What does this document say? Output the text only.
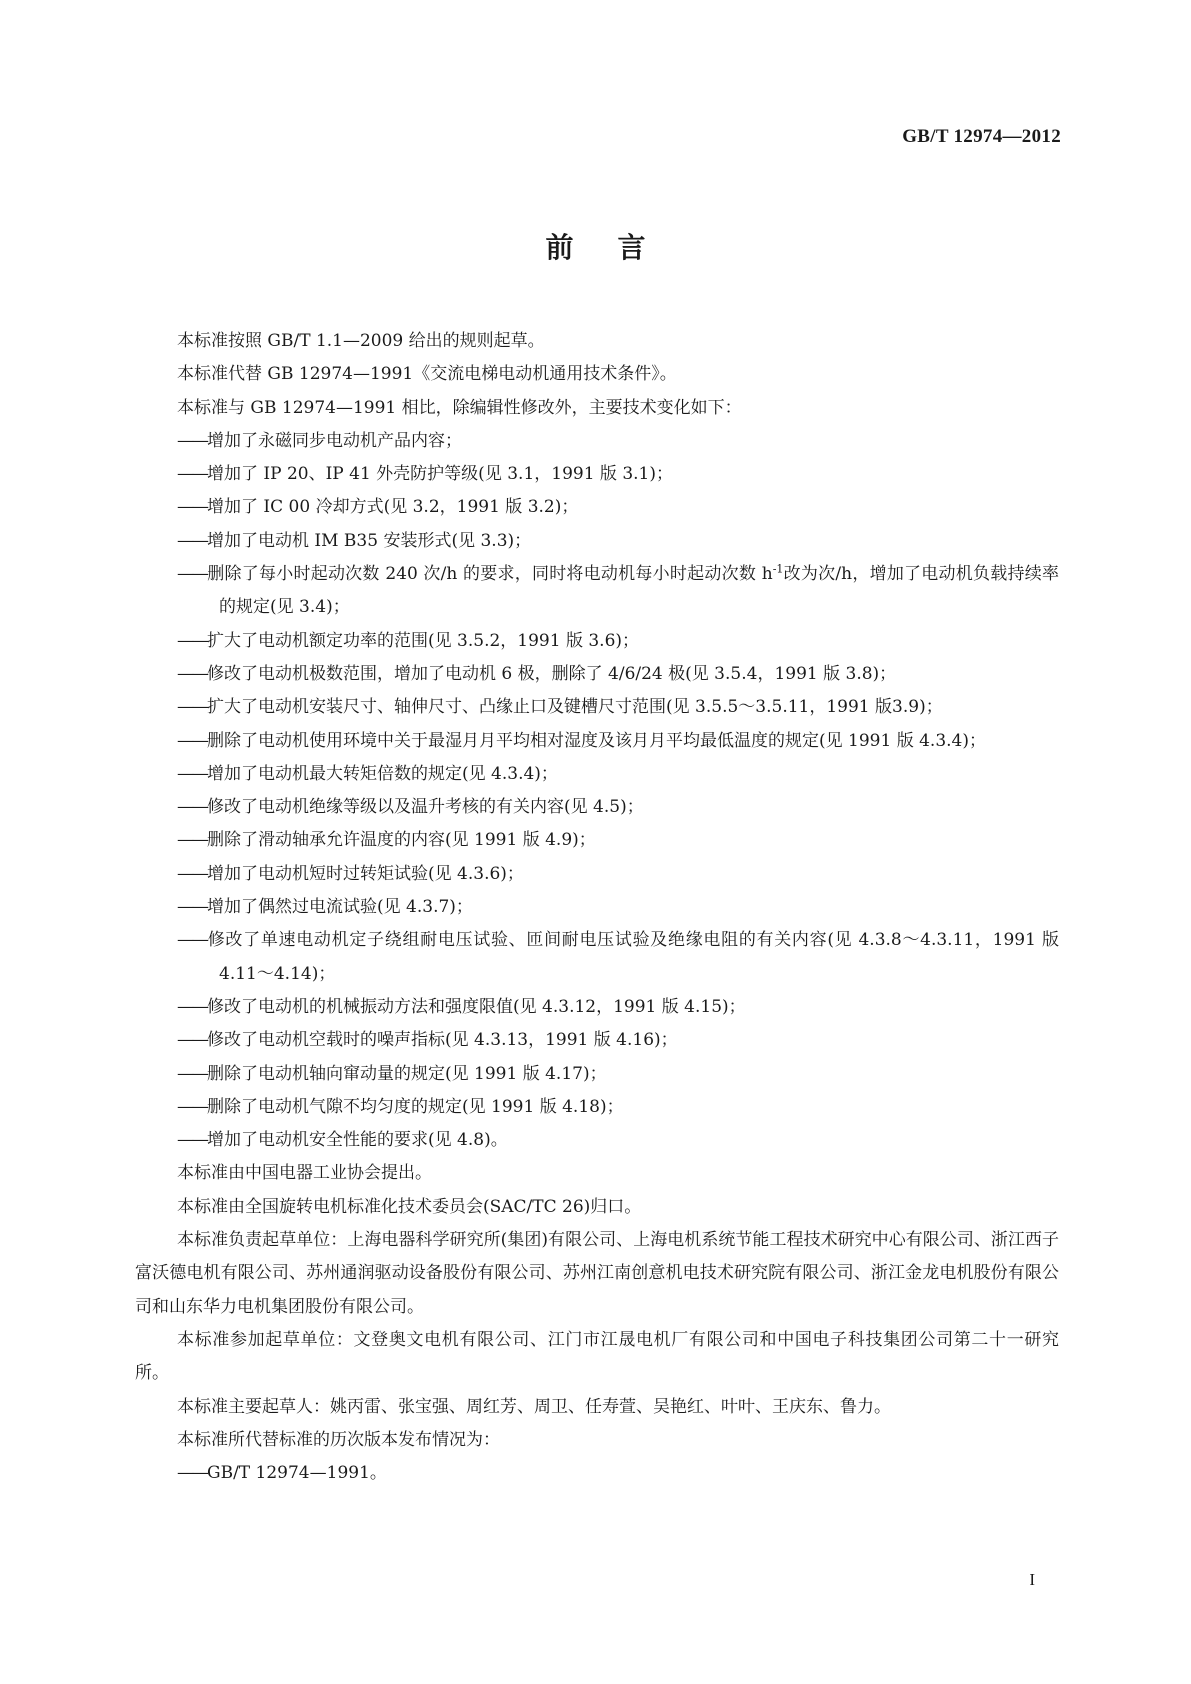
GB/T 12974—2012
前言

本标准按照 GB/T 1.1—2009 给出的规则起草。

本标准代替 GB 12974—1991《交流电梯电动机通用技术条件》。

本标准与 GB 12974—1991 相比，除编辑性修改外，主要技术变化如下：

——增加了永磁同步电动机产品内容；

——增加了 IP 20、IP 41 外壳防护等级(见 3.1，1991 版 3.1)；

——增加了 IC 00 冷却方式(见 3.2，1991 版 3.2)；

——增加了电动机 IM B35 安装形式(见 3.3)；

——删除了每小时起动次数 240 次/h 的要求，同时将电动机每小时起动次数 $h^{-1}$改为次/h，增加了电动机负载持续率的规定(见 3.4)；

——扩大了电动机额定功率的范围(见 3.5.2，1991 版 3.6)；

——修改了电动机极数范围，增加了电动机 6 极，删除了 4/6/24 极(见 3.5.4，1991 版 3.8)；

——扩大了电动机安装尺寸、轴伸尺寸、凸缘止口及键槽尺寸范围(见 3.5.5～3.5.11，1991 版3.9)；

——删除了电动机使用环境中关于最湿月月平均相对湿度及该月月平均最低温度的规定(见 1991 版 4.3.4)；

——增加了电动机最大转矩倍数的规定(见 4.3.4)；

——修改了电动机绝缘等级以及温升考核的有关内容(见 4.5)；

——删除了滑动轴承允许温度的内容(见 1991 版 4.9)；

——增加了电动机短时过转矩试验(见 4.3.6)；

——增加了偶然过电流试验(见 4.3.7)；

——修改了单速电动机定子绕组耐电压试验、匝间耐电压试验及绝缘电阻的有关内容(见 4.3.8～4.3.11，1991 版 4.11～4.14)；

——修改了电动机的机械振动方法和强度限值(见 4.3.12，1991 版 4.15)；

——修改了电动机空载时的噪声指标(见 4.3.13，1991 版 4.16)；

——删除了电动机轴向窜动量的规定(见 1991 版 4.17)；

——删除了电动机气隙不均匀度的规定(见 1991 版 4.18)；

——增加了电动机安全性能的要求(见 4.8)。

本标准由中国电器工业协会提出。

本标准由全国旋转电机标准化技术委员会(SAC/TC 26)归口。

本标准负责起草单位：上海电器科学研究所(集团)有限公司、上海电机系统节能工程技术研究中心有限公司、浙江西子富沃德电机有限公司、苏州通润驱动设备股份有限公司、苏州江南创意机电技术研究院有限公司、浙江金龙电机股份有限公司和山东华力电机集团股份有限公司。

本标准参加起草单位：文登奥文电机有限公司、江门市江晟电机厂有限公司和中国电子科技集团公司第二十一研究所。

本标准主要起草人：姚丙雷、张宝强、周红芳、周卫、任寿萱、吴艳红、叶叶、王庆东、鲁力。

本标准所代替标准的历次版本发布情况为：

——GB/T 12974—1991。

I
